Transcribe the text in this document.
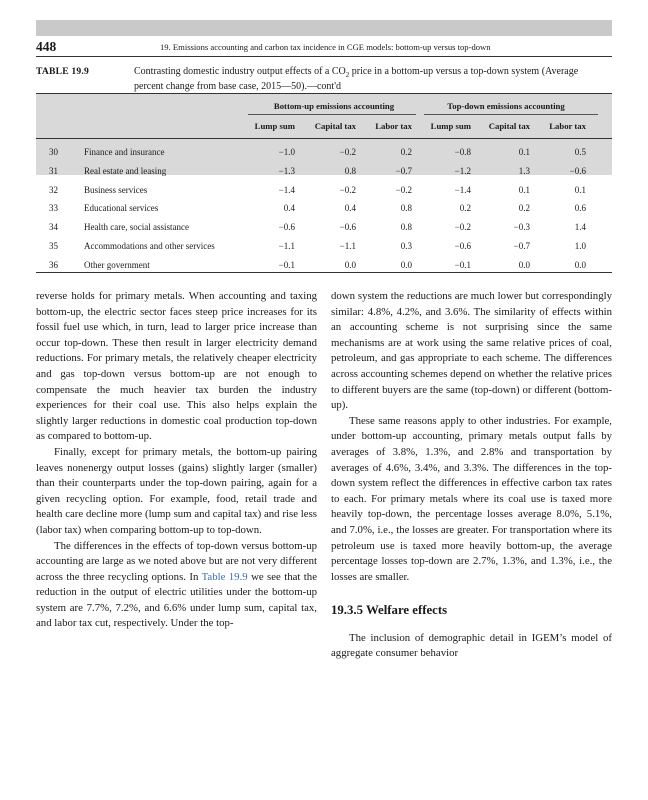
448	19. Emissions accounting and carbon tax incidence in CGE models: bottom-up versus top-down
TABLE 19.9	Contrasting domestic industry output effects of a $CO_2$ price in a bottom-up versus a top-down system (Average percent change from base case, 2015—50).—cont'd
Bottom-up emissions accounting	Top-down emissions accounting
Lump sum	Capital tax	Labor tax	Lump sum	Capital tax	Labor tax
30	Finance and insurance	−1.0	−0.2	0.2	−0.8	0.1	0.5
31	Real estate and leasing	−1.3	0.8	−0.7	−1.2	1.3	−0.6
32	Business services	−1.4	−0.2	−0.2	−1.4	0.1	0.1
33	Educational services	0.4	0.4	0.8	0.2	0.2	0.6
34	Health care, social assistance	−0.6	−0.6	0.8	−0.2	−0.3	1.4
35	Accommodations and other services	−1.1	−1.1	0.3	−0.6	−0.7	1.0
36	Other government	−0.1	0.0	0.0	−0.1	0.0	0.0

reverse holds for primary metals. When accounting and taxing bottom-up, the electric sector faces steep price increases for its fossil fuel use which, in turn, lead to larger price increase than occur top-down. These then result in larger electricity demand reductions. For primary metals, the relatively cheaper electricity and gas top-down versus bottom-up are not enough to compensate the much heavier tax burden the industry experiences for their coal use. This also helps explain the slightly larger reductions in domestic coal production top-down as compared to bottom-up.

Finally, except for primary metals, the bottom-up pairing leaves nonenergy output losses (gains) slightly larger (smaller) than their counterparts under the top-down pairing, again for a given recycling option. For example, food, retail trade and health care decline more (lump sum and capital tax) and rise less (labor tax) when comparing bottom-up to top-down.

The differences in the effects of top-down versus bottom-up accounting are large as we noted above but are not very different across the three recycling options. In Table 19.9 we see that the reduction in the output of electric utilities under the bottom-up system are 7.7%, 7.2%, and 6.6% under lump sum, capital tax, and labor tax cut, respectively. Under the top-

down system the reductions are much lower but correspondingly similar: 4.8%, 4.2%, and 3.6%. The similarity of effects within an accounting scheme is not surprising since the same mechanisms are at work using the same relative prices of coal, petroleum, and gas appropriate to each scheme. The differences across accounting schemes depend on whether the relative prices to different buyers are the same (top-down) or different (bottom-up).

These same reasons apply to other industries. For example, under bottom-up accounting, primary metals output falls by averages of 3.8%, 1.3%, and 2.8% and transportation by averages of 4.6%, 3.4%, and 3.3%. The differences in the top-down system reflect the differences in effective carbon tax rates to each. For primary metals where its coal use is taxed more heavily top-down, the percentage losses average 8.0%, 5.1%, and 7.0%, i.e., the losses are greater. For transportation where its petroleum use is taxed more heavily bottom-up, the average percentage losses top-down are 2.7%, 1.3%, and 1.3%, i.e., the losses are smaller.

19.3.5 Welfare effects

The inclusion of demographic detail in IGEM’s model of aggregate consumer behavior
